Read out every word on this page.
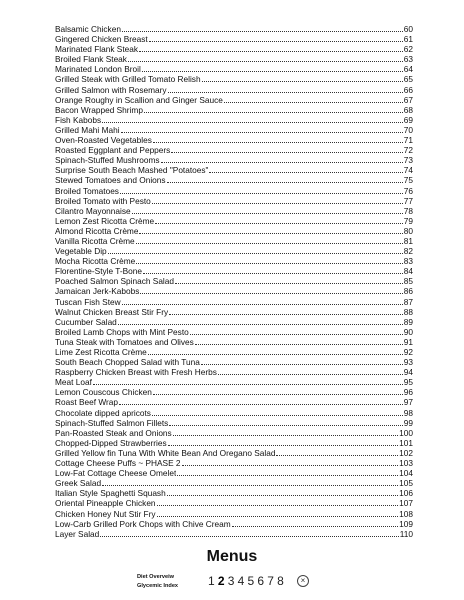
Balsamic Chicken	60
Gingered Chicken Breast	61
Marinated Flank Steak	62
Broiled Flank Steak	63
Marinated London Broil	64
Grilled Steak with Grilled Tomato Relish	65
Grilled Salmon with Rosemary	66
Orange Roughy in Scallion and Ginger Sauce	67
Bacon Wrapped Shrimp	68
Fish Kabobs	69
Grilled Mahi Mahi	70
Oven-Roasted Vegetables	71
Roasted Eggplant and Peppers	72
Spinach-Stuffed Mushrooms	73
Surprise South Beach Mashed "Potatoes"	74
Stewed Tomatoes and Onions	75
Broiled Tomatoes	76
Broiled Tomato with Pesto	77
Cilantro Mayonnaise	78
Lemon Zest Ricotta Crème	79
Almond Ricotta Crème	80
Vanilla Ricotta Crème	81
Vegetable Dip	82
Mocha Ricotta Crème	83
Florentine-Style T-Bone	84
Poached Salmon Spinach Salad	85
Jamaican Jerk-Kabobs	86
Tuscan Fish Stew	87
Walnut Chicken Breast Stir Fry	88
Cucumber Salad	89
Broiled Lamb Chops with Mint Pesto	90
Tuna Steak with Tomatoes and Olives	91
Lime Zest Ricotta Crème	92
South Beach Chopped Salad with Tuna	93
Raspberry Chicken Breast with Fresh Herbs	94
Meat Loaf	95
Lemon Couscous Chicken	96
Roast Beef Wrap	97
Chocolate dipped apricots	98
Spinach-Stuffed Salmon Fillets	99
Pan-Roasted Steak and Onions	100
Chopped-Dipped Strawberries	101
Grilled Yellow fin Tuna With White Bean And Oregano Salad	102
Cottage Cheese Puffs ~ PHASE 2	103
Low-Fat Cottage Cheese Omelet	104
Greek Salad	105
Italian Style Spaghetti Squash	106
Oriental Pineapple Chicken	107
Chicken Honey Nut Stir Fry	108
Low-Carb Grilled Pork Chops with Chive Cream	109
Layer Salad	110
Menus
Diet Overveiw
Glycemic Index	1 2 3 4 5 6 7 8	×
